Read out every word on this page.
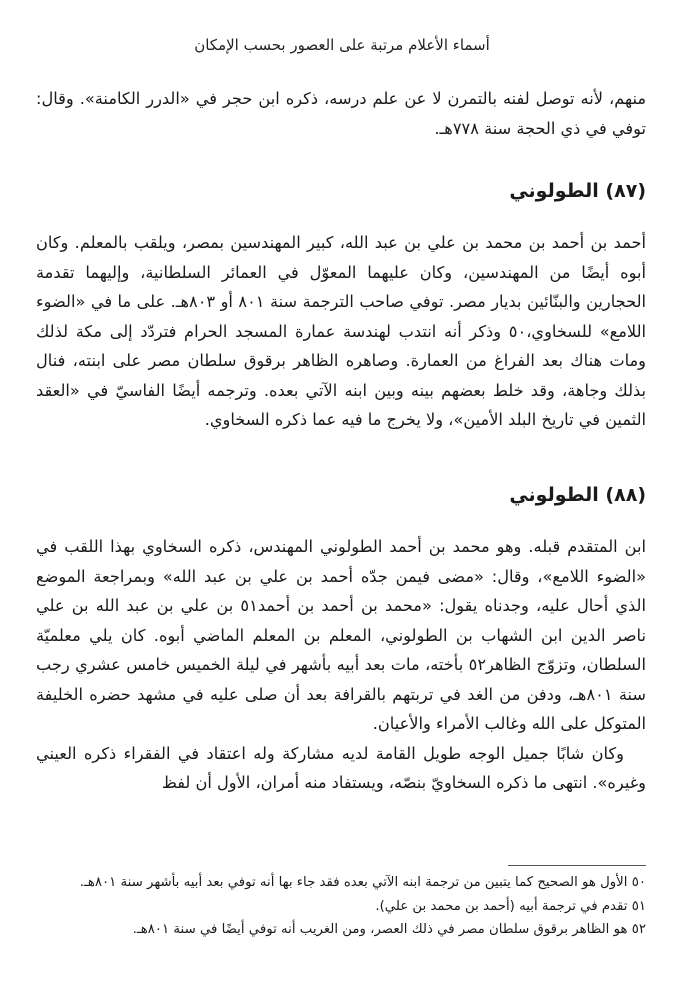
أسماء الأعلام مرتبة على العصور بحسب الإمكان

منهم، لأنه توصل لفنه بالتمرن لا عن علم درسه، ذكره ابن حجر في «الدرر الكامنة». وقال: توفي في ذي الحجة سنة ٧٧٨هـ.

(٨٧) الطولوني

أحمد بن أحمد بن محمد بن علي بن عبد الله، كبير المهندسين بمصر، ويلقب بالمعلم. وكان أبوه أيضًا من المهندسين، وكان عليهما المعوّل في العمائر السلطانية، وإليهما تقدمة الحجارين والبنّائين بديار مصر. توفي صاحب الترجمة سنة ٨٠١ أو ٨٠٣هـ. على ما في «الضوء اللامع» للسخاوي،٥٠ وذكر أنه انتدب لهندسة عمارة المسجد الحرام فتردّد إلى مكة لذلك ومات هناك بعد الفراغ من العمارة. وصاهره الظاهر برقوق سلطان مصر على ابنته، فنال بذلك وجاهة، وقد خلط بعضهم بينه وبين ابنه الآتي بعده. وترجمه أيضًا الفاسيّ في «العقد الثمين في تاريخ البلد الأمين»، ولا يخرج ما فيه عما ذكره السخاوي.

(٨٨) الطولوني

ابن المتقدم قبله. وهو محمد بن أحمد الطولوني المهندس، ذكره السخاوي بهذا اللقب في «الضوء اللامع»، وقال: «مضى فيمن جدّه أحمد بن علي بن عبد الله» وبمراجعة الموضع الذي أحال عليه، وجدناه يقول: «محمد بن أحمد بن أحمد٥١ بن علي بن عبد الله بن علي ناصر الدين ابن الشهاب بن الطولوني، المعلم بن المعلم الماضي أبوه. كان يلي معلميّة السلطان، وتزوّج الظاهر٥٢ بأخته، مات بعد أبيه بأشهر في ليلة الخميس خامس عشري رجب سنة ٨٠١هـ، ودفن من الغد في تربتهم بالقرافة بعد أن صلى عليه في مشهد حضره الخليفة المتوكل على الله وغالب الأمراء والأعيان.

وكان شابًا جميل الوجه طويل القامة لديه مشاركة وله اعتقاد في الفقراء ذكره العيني وغيره». انتهى ما ذكره السخاويّ بنصّه، ويستفاد منه أمران، الأول أن لفظ

٥٠ الأول هو الصحيح كما يتبين من ترجمة ابنه الآتي بعده فقد جاء بها أنه توفي بعد أبيه بأشهر سنة ٨٠١هـ.

٥١ تقدم في ترجمة أبيه (أحمد بن محمد بن علي).

٥٢ هو الظاهر برقوق سلطان مصر في ذلك العصر، ومن الغريب أنه توفي أيضًا في سنة ٨٠١هـ.
